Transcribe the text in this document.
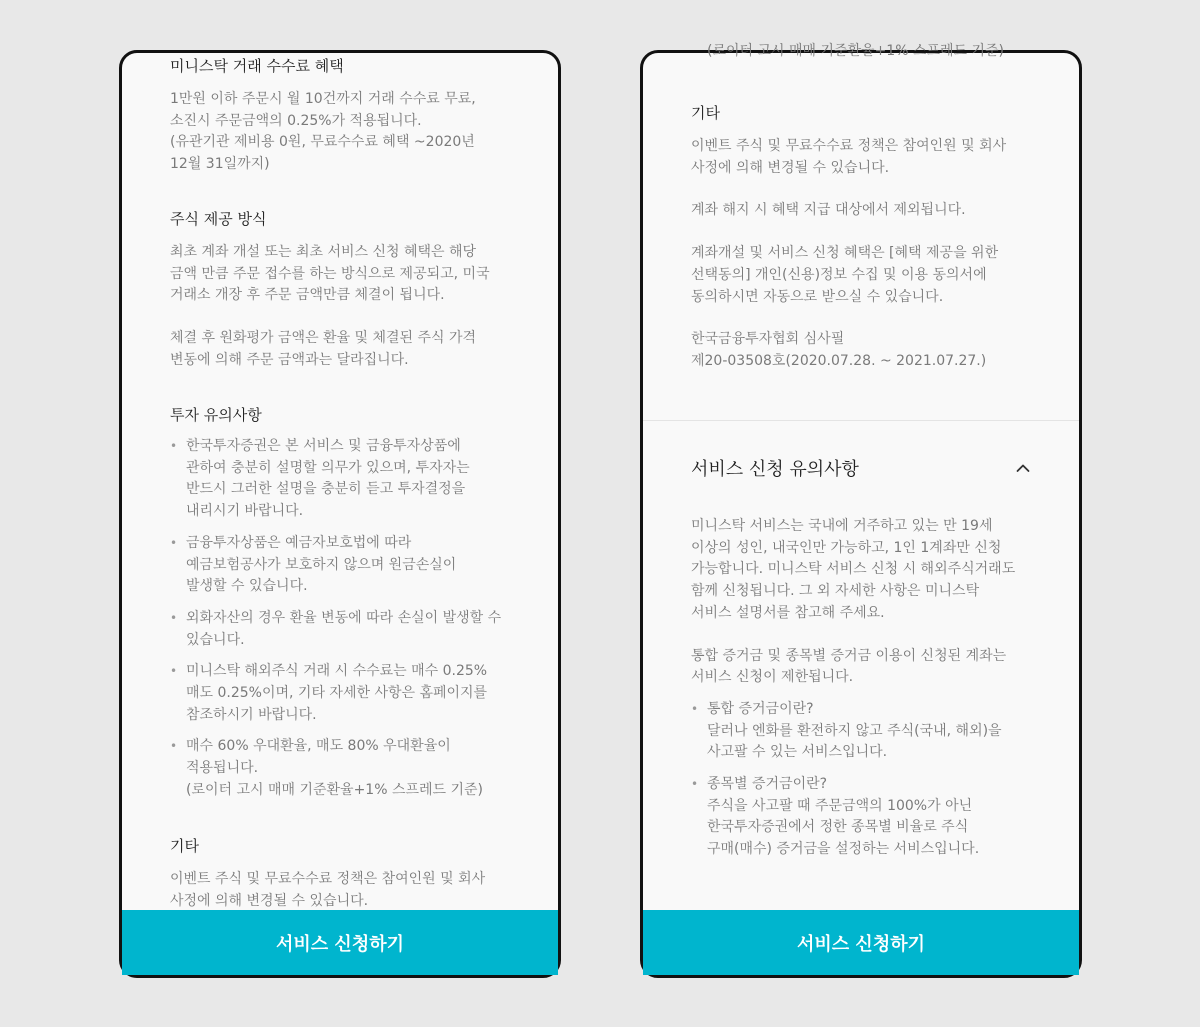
미니스탁 거래 수수료 혜택

1만원 이하 주문시 월 10건까지 거래 수수료 무료,
소진시 주문금액의 0.25%가 적용됩니다.
(유관기관 제비용 0원, 무료수수료 혜택 ~2020년
12월 31일까지)

주식 제공 방식

최초 계좌 개설 또는 최초 서비스 신청 혜택은 해당
금액 만큼 주문 접수를 하는 방식으로 제공되고, 미국
거래소 개장 후 주문 금액만큼 체결이 됩니다.

체결 후 원화평가 금액은 환율 및 체결된 주식 가격
변동에 의해 주문 금액과는 달라집니다.

투자 유의사항
• 한국투자증권은 본 서비스 및 금융투자상품에
관하여 충분히 설명할 의무가 있으며, 투자자는
반드시 그러한 설명을 충분히 듣고 투자결정을
내리시기 바랍니다.
• 금융투자상품은 예금자보호법에 따라
예금보험공사가 보호하지 않으며 원금손실이
발생할 수 있습니다.
• 외화자산의 경우 환율 변동에 따라 손실이 발생할 수
있습니다.
• 미니스탁 해외주식 거래 시 수수료는 매수 0.25%
매도 0.25%이며, 기타 자세한 사항은 홈페이지를
참조하시기 바랍니다.
• 매수 60% 우대환율, 매도 80% 우대환율이
적용됩니다.
(로이터 고시 매매 기준환율+1% 스프레드 기준)
기타

이벤트 주식 및 무료수수료 정책은 참여인원 및 회사
사정에 의해 변경될 수 있습니다.

서비스 신청하기

(로이터 고시 매매 기준환율+1% 스프레드 기준)

기타

이벤트 주식 및 무료수수료 정책은 참여인원 및 회사
사정에 의해 변경될 수 있습니다.

계좌 해지 시 혜택 지급 대상에서 제외됩니다.

계좌개설 및 서비스 신청 혜택은 [혜택 제공을 위한
선택동의] 개인(신용)정보 수집 및 이용 동의서에
동의하시면 자동으로 받으실 수 있습니다.

한국금융투자협회 심사필
제20-03508호(2020.07.28. ~ 2021.07.27.)

서비스 신청 유의사항

미니스탁 서비스는 국내에 거주하고 있는 만 19세
이상의 성인, 내국인만 가능하고, 1인 1계좌만 신청
가능합니다. 미니스탁 서비스 신청 시 해외주식거래도
함께 신청됩니다. 그 외 자세한 사항은 미니스탁
서비스 설명서를 참고해 주세요.

통합 증거금 및 종목별 증거금 이용이 신청된 계좌는
서비스 신청이 제한됩니다.

• 통합 증거금이란?
달러나 엔화를 환전하지 않고 주식(국내, 해외)을
사고팔 수 있는 서비스입니다.
• 종목별 증거금이란?
주식을 사고팔 때 주문금액의 100%가 아닌
한국투자증권에서 정한 종목별 비율로 주식
구매(매수) 증거금을 설정하는 서비스입니다.
서비스 신청하기
